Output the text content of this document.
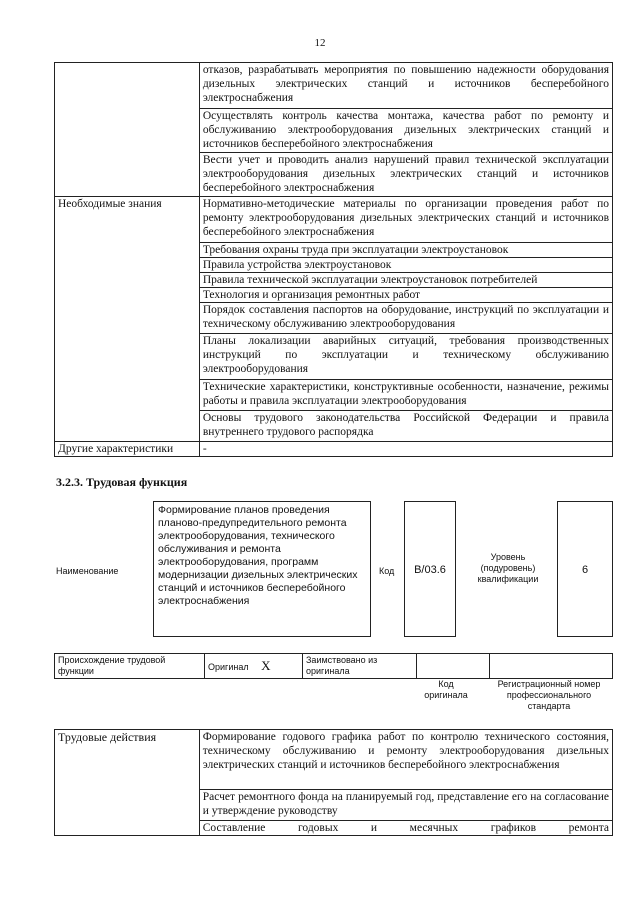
12
	отказов, разрабатывать мероприятия по повышению надежности оборудования дизельных электрических станций и источников бесперебойного электроснабжения
	Осуществлять контроль качества монтажа, качества работ по ремонту и обслуживанию электрооборудования дизельных электрических станций и источников бесперебойного электроснабжения
	Вести учет и проводить анализ нарушений правил технической эксплуатации электрооборудования дизельных электрических станций и источников бесперебойного электроснабжения
Необходимые знания	Нормативно-методические материалы по организации проведения работ по ремонту электрооборудования дизельных электрических станций и источников бесперебойного электроснабжения
	Требования охраны труда при эксплуатации электроустановок
	Правила устройства электроустановок
	Правила технической эксплуатации электроустановок потребителей
	Технология и организация ремонтных работ
	Порядок составления паспортов на оборудование, инструкций по эксплуатации и техническому обслуживанию электрооборудования
	Планы локализации аварийных ситуаций, требования производственных инструкций по эксплуатации и техническому обслуживанию электрооборудования
	Технические характеристики, конструктивные особенности, назначение, режимы работы и правила эксплуатации электрооборудования
	Основы трудового законодательства Российской Федерации и правила внутреннего трудового распорядка
Другие характеристики	-
3.2.3. Трудовая функция
Наименование
Формирование планов проведения планово-предупредительного ремонта электрооборудования, технического обслуживания и ремонта электрооборудования, программ модернизации дизельных электрических станций и источников бесперебойного электроснабжения
Код	B/03.6
Уровень (подуровень) квалификации
6
Происхождение трудовой функции	Оригинал X	Заимствовано из оригинала		
Код оригинала
Регистрационный номер профессионального стандарта
Трудовые действия	Формирование годового графика работ по контролю технического состояния, техническому обслуживанию и ремонту электрооборудования дизельных электрических станций и источников бесперебойного электроснабжения
Расчет ремонтного фонда на планируемый год, представление его на согласование и утверждение руководству
Составление годовых и месячных графиков ремонта
